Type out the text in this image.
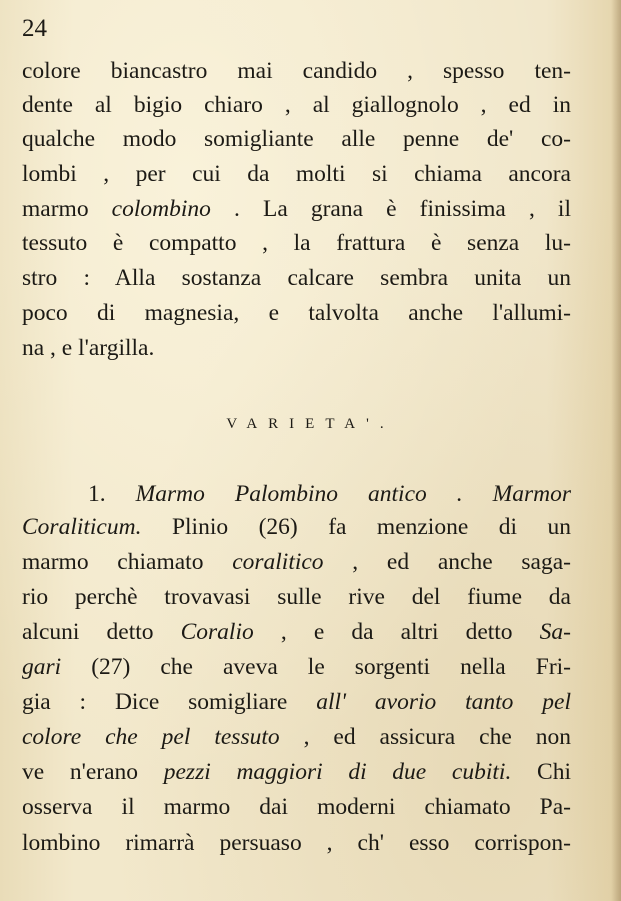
24
colore biancastro mai candido , spesso ten-
dente al bigio chiaro , al giallognolo , ed in
qualche modo somigliante alle penne de' co-
lombi , per cui da molti si chiama ancora
marmo colombino . La grana è finissima , il
tessuto è compatto , la frattura è senza lu-
stro : Alla sostanza calcare sembra unita un
poco di magnesia, e talvolta anche l'allumi-
na , e l'argilla.
VARIETA'.
1. Marmo Palombino antico . Marmor
Coraliticum. Plinio (26) fa menzione di un
marmo chiamato coralitico , ed anche saga-
rio perchè trovavasi sulle rive del fiume da
alcuni detto Coralio , e da altri detto Sa-
gari (27) che aveva le sorgenti nella Fri-
gia : Dice somigliare all' avorio tanto pel
colore che pel tessuto , ed assicura che non
ve n'erano pezzi maggiori di due cubiti. Chi
osserva il marmo dai moderni chiamato Pa-
lombino rimarrà persuaso , ch' esso corrispon-
